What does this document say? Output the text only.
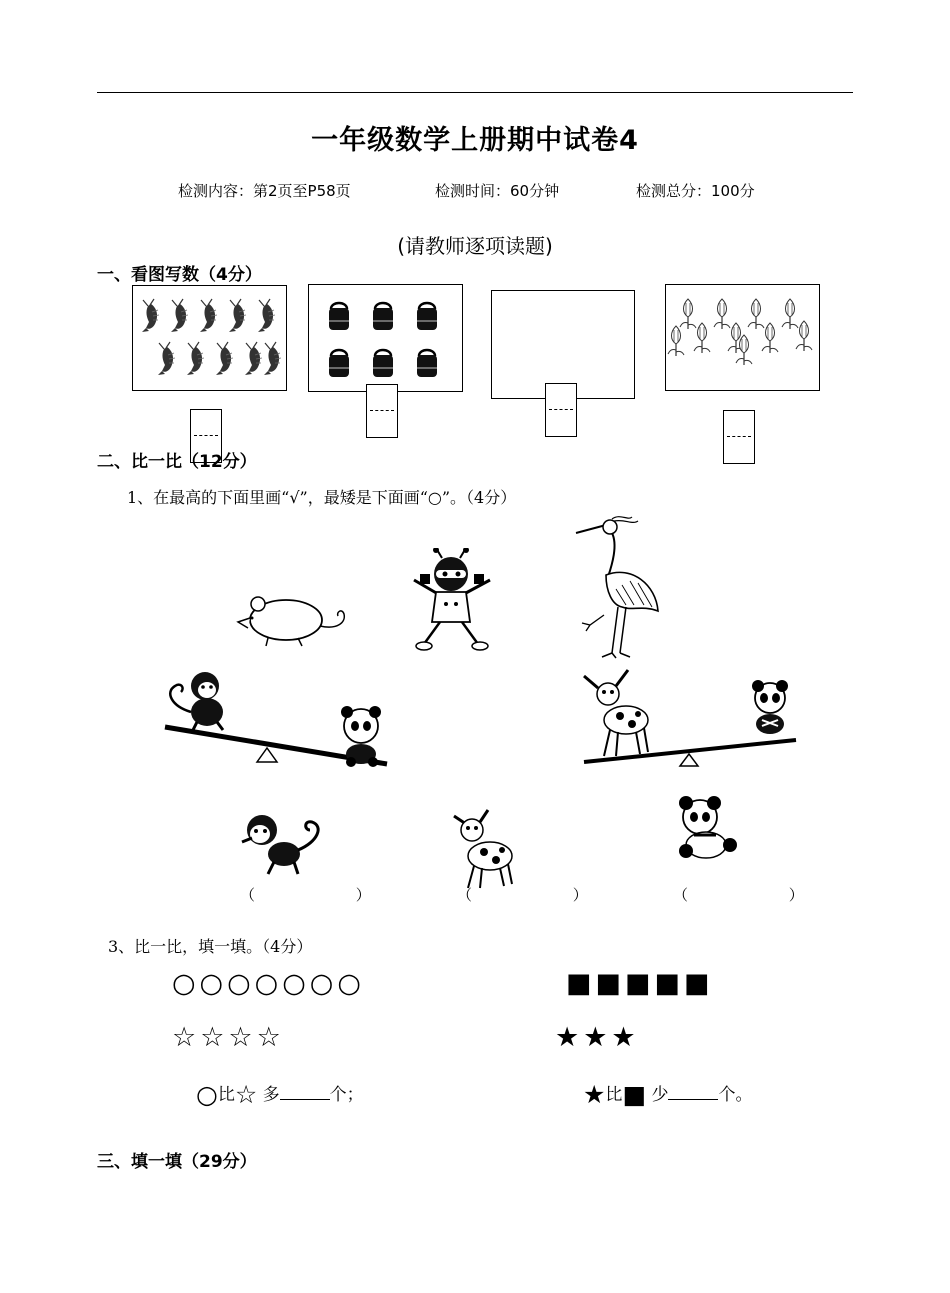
一年级数学上册期中试卷4
检测内容：第2页至P58页	检测时间：60分钟	检测总分：100分
(请教师逐项读题)
一、看图写数（4分）
二、比一比（12分）
1、在最高的下面里画“√”，最矮是下面画“○”。（4分）
（ ）	（ ） （ ）
3、比一比，填一填。（4分）
○○○○○○○	■■■■■
☆☆☆☆	★★★
○比☆ 多	个；	★比■ 少	个。
三、填一填（29分）
